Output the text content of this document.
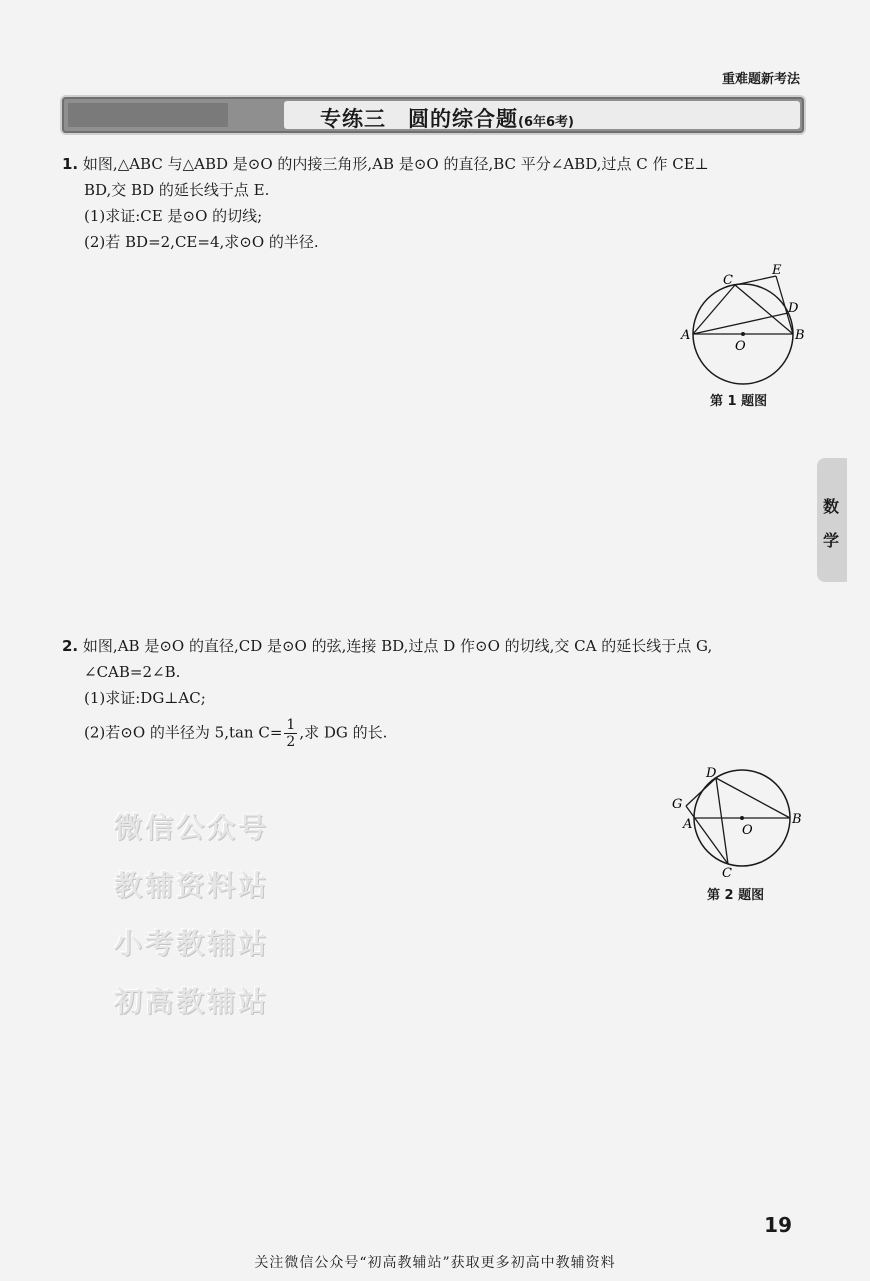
重难题新考法
专练三　圆的综合题(6年6考)
1. 如图,△ABC 与△ABD 是⊙O 的内接三角形,AB 是⊙O 的直径,BC 平分∠ABD,过点 C 作 CE⊥
BD,交 BD 的延长线于点 E.
(1)求证:CE 是⊙O 的切线;
(2)若 BD=2,CE=4,求⊙O 的半径.
C
E
D
A	B
O
第 1 题图
数
学
2. 如图,AB 是⊙O 的直径,CD 是⊙O 的弦,连接 BD,过点 D 作⊙O 的切线,交 CA 的延长线于点 G,
∠CAB=2∠B.
(1)求证:DG⊥AC;
(2)若⊙O 的半径为 5,tan $C= \frac{1}{2}$ ,求 DG 的长.
D
G
A	B
O
C
第 2 题图
微信公众号
教辅资料站
小考教辅站
初高教辅站
19
关注微信公众号“初高教辅站”获取更多初高中教辅资料
